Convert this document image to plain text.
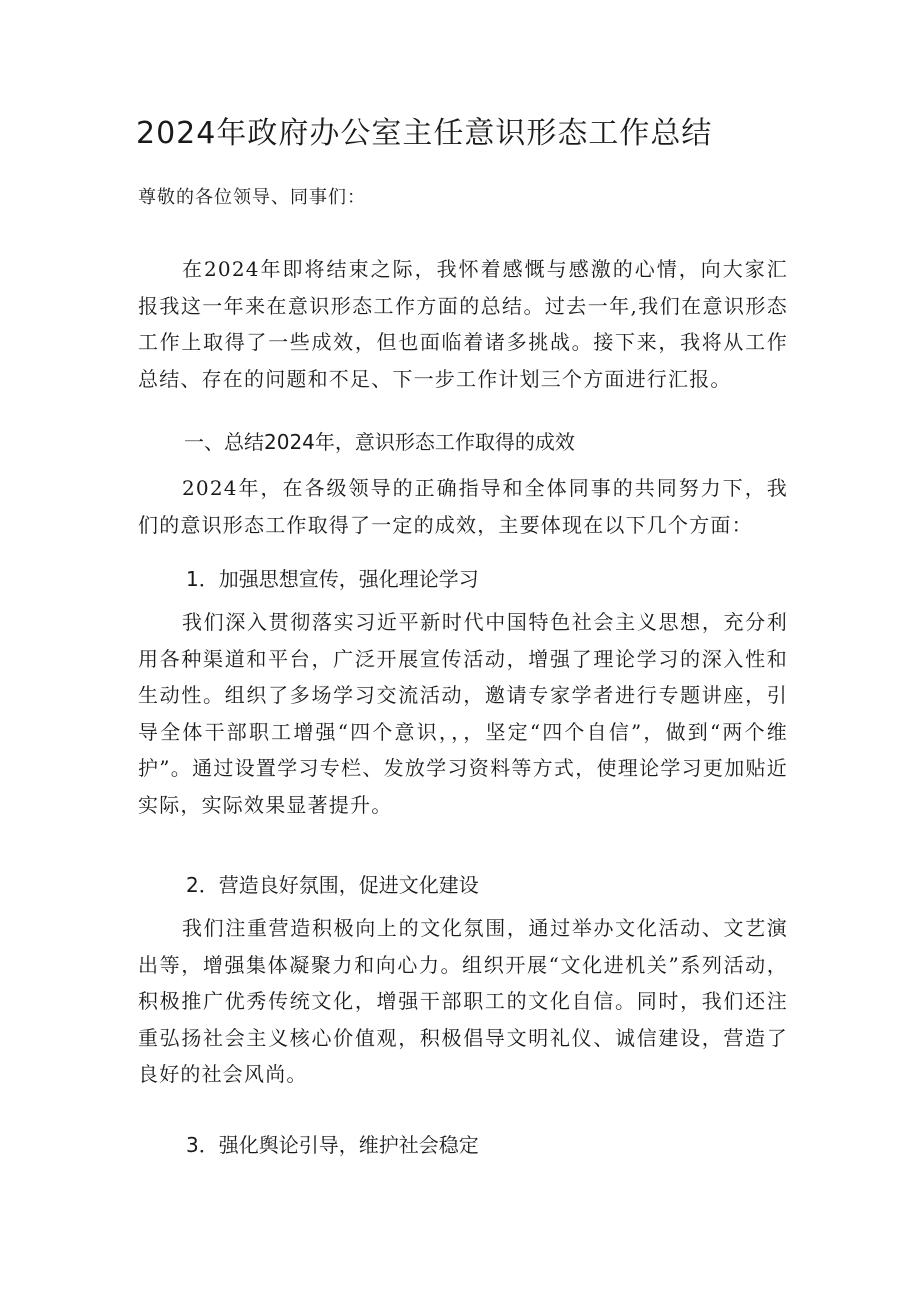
2024年政府办公室主任意识形态工作总结
尊敬的各位领导、同事们：

在2024年即将结束之际，我怀着感慨与感激的心情，向大家汇报我这一年来在意识形态工作方面的总结。过去一年,我们在意识形态工作上取得了一些成效，但也面临着诸多挑战。接下来，我将从工作总结、存在的问题和不足、下一步工作计划三个方面进行汇报。

一、总结2024年，意识形态工作取得的成效

2024年，在各级领导的正确指导和全体同事的共同努力下，我们的意识形态工作取得了一定的成效，主要体现在以下几个方面：

1．加强思想宣传，强化理论学习

我们深入贯彻落实习近平新时代中国特色社会主义思想，充分利用各种渠道和平台，广泛开展宣传活动，增强了理论学习的深入性和生动性。组织了多场学习交流活动，邀请专家学者进行专题讲座，引导全体干部职工增强“四个意识，，，坚定“四个自信”，做到“两个维护”。通过设置学习专栏、发放学习资料等方式，使理论学习更加贴近实际，实际效果显著提升。

2．营造良好氛围，促进文化建设

我们注重营造积极向上的文化氛围，通过举办文化活动、文艺演出等，增强集体凝聚力和向心力。组织开展“文化进机关”系列活动，积极推广优秀传统文化，增强干部职工的文化自信。同时，我们还注重弘扬社会主义核心价值观，积极倡导文明礼仪、诚信建设，营造了良好的社会风尚。

3．强化舆论引导，维护社会稳定
